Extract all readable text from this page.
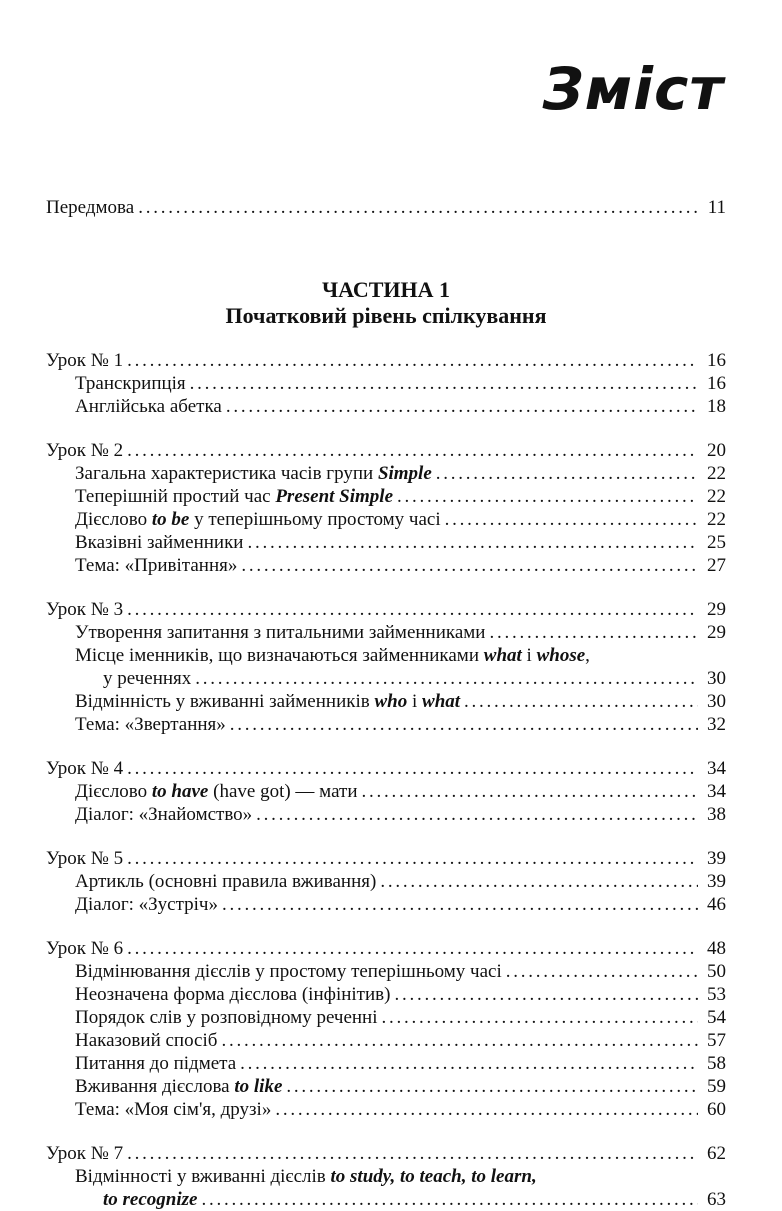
Зміст
Передмова . . .	11
ЧАСТИНА 1
Початковий рівень спілкування
Урок № 1 . . .	16
Транскрипція . . .	16
Англійська абетка . . .	18
Урок № 2 . . .	20
Загальна характеристика часів групи Simple . . .	22
Теперішній простий час Present Simple . . .	22
Дієслово to be у теперішньому простому часі . . .	22
Вказівні займенники . . .	25
Тема: «Привітання» . . .	27
Урок № 3 . . .	29
Утворення запитання з питальними займенниками . . .	29
Місце іменників, що визначаються займенниками what і whose,
у реченнях . . .	30
Відмінність у вживанні займенників who і what . . .	30
Тема: «Звертання» . . .	32
Урок № 4 . . .	34
Дієслово to have (have got) — мати . . .	34
Діалог: «Знайомство» . . .	38
Урок № 5 . . .	39
Артикль (основні правила вживання) . . .	39
Діалог: «Зустріч» . . .	46
Урок № 6 . . .	48
Відмінювання дієслів у простому теперішньому часі . . .	50
Неозначена форма дієслова (інфінітив) . . .	53
Порядок слів у розповідному реченні . . .	54
Наказовий спосіб . . .	57
Питання до підмета . . .	58
Вживання дієслова to like . . .	59
Тема: «Моя сім'я, друзі» . . .	60
Урок № 7 . . .	62
Відмінності у вживанні дієслів to study, to teach, to learn,
to recognize . . .	63
